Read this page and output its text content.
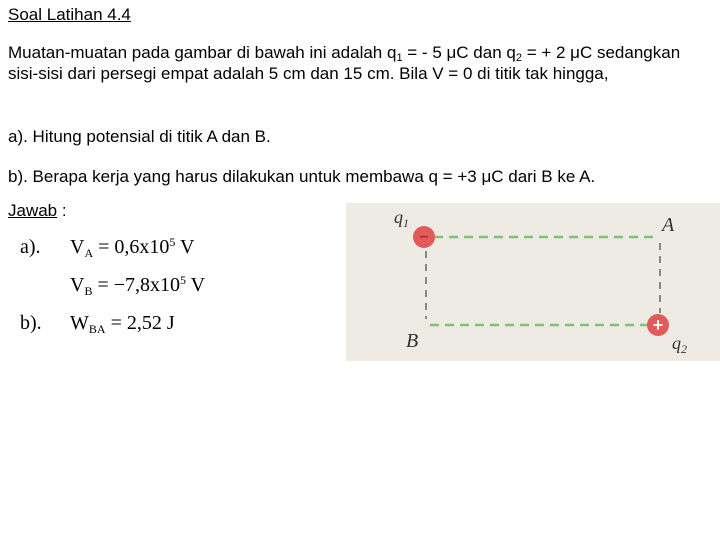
Soal Latihan 4.4
Muatan-muatan pada gambar di bawah ini adalah $q_1$ = - 5 μC dan $q_2$ = + 2 μC sedangkan sisi-sisi dari persegi empat adalah 5 cm dan 15 cm. Bila V = 0 di titik tak hingga,
a). Hitung potensial di titik A dan B.
b). Berapa kerja yang harus dilakukan untuk membawa q = +3 μC dari B ke A.
Jawab :
a). $V_A = 0,6x10^5$ V
$V_B = -7,8x10^5$ V
b). $W_{BA} = 2,52$ J
−
+
$q_1$	A
B	$q_2$
